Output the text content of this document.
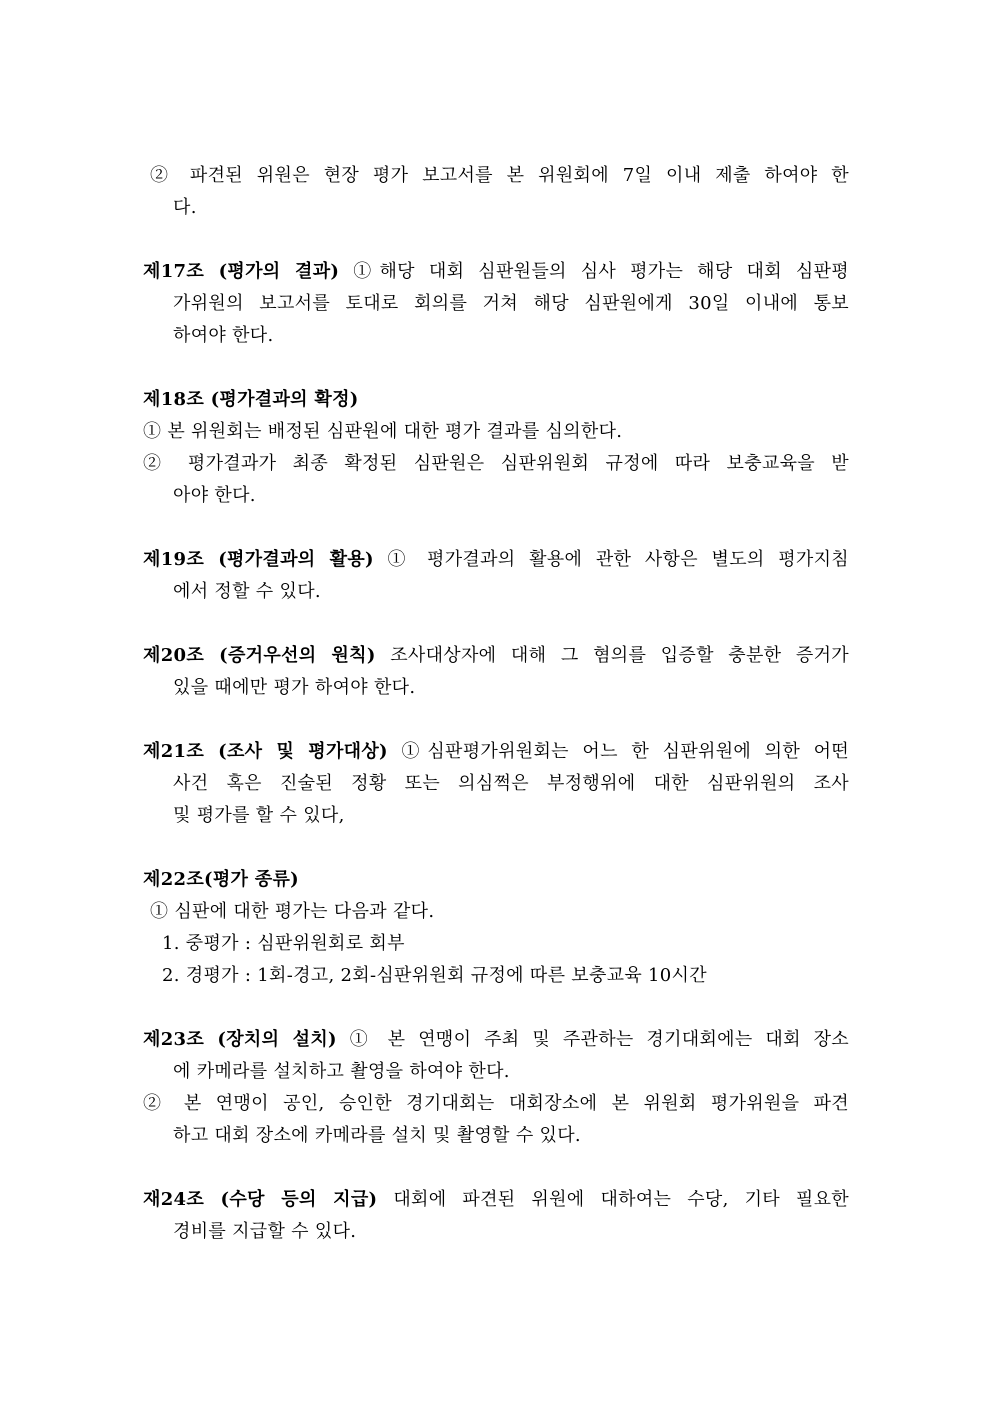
② 파견된 위원은 현장 평가 보고서를 본 위원회에 7일 이내 제출 하여야 한
다.
제17조 (평가의 결과) ①해당 대회 심판원들의 심사 평가는 해당 대회 심판평
가위원의 보고서를 토대로 회의를 거쳐 해당 심판원에게 30일 이내에 통보
하여야 한다.
제18조 (평가결과의 확정)
① 본 위원회는 배정된 심판원에 대한 평가 결과를 심의한다.
② 평가결과가 최종 확정된 심판원은 심판위원회 규정에 따라 보충교육을 받
아야 한다.
제19조 (평가결과의 활용) ① 평가결과의 활용에 관한 사항은 별도의 평가지침
에서 정할 수 있다.
제20조 (증거우선의 원칙) 조사대상자에 대해 그 혐의를 입증할 충분한 증거가
있을 때에만 평가 하여야 한다.
제21조 (조사 및 평가대상) ①심판평가위원회는 어느 한 심판위원에 의한 어떤
사건 혹은 진술된 정황 또는 의심쩍은 부정행위에 대한 심판위원의 조사
및 평가를 할 수 있다,
제22조(평가 종류)
① 심판에 대한 평가는 다음과 같다.
1. 중평가 : 심판위원회로 회부
2. 경평가 : 1회-경고, 2회-심판위원회 규정에 따른 보충교육 10시간
제23조 (장치의 설치) ① 본 연맹이 주최 및 주관하는 경기대회에는 대회 장소
에 카메라를 설치하고 촬영을 하여야 한다.
② 본 연맹이 공인, 승인한 경기대회는 대회장소에 본 위원회 평가위원을 파견
하고 대회 장소에 카메라를 설치 및 촬영할 수 있다.
재24조 (수당 등의 지급) 대회에 파견된 위원에 대하여는 수당, 기타 필요한
경비를 지급할 수 있다.
